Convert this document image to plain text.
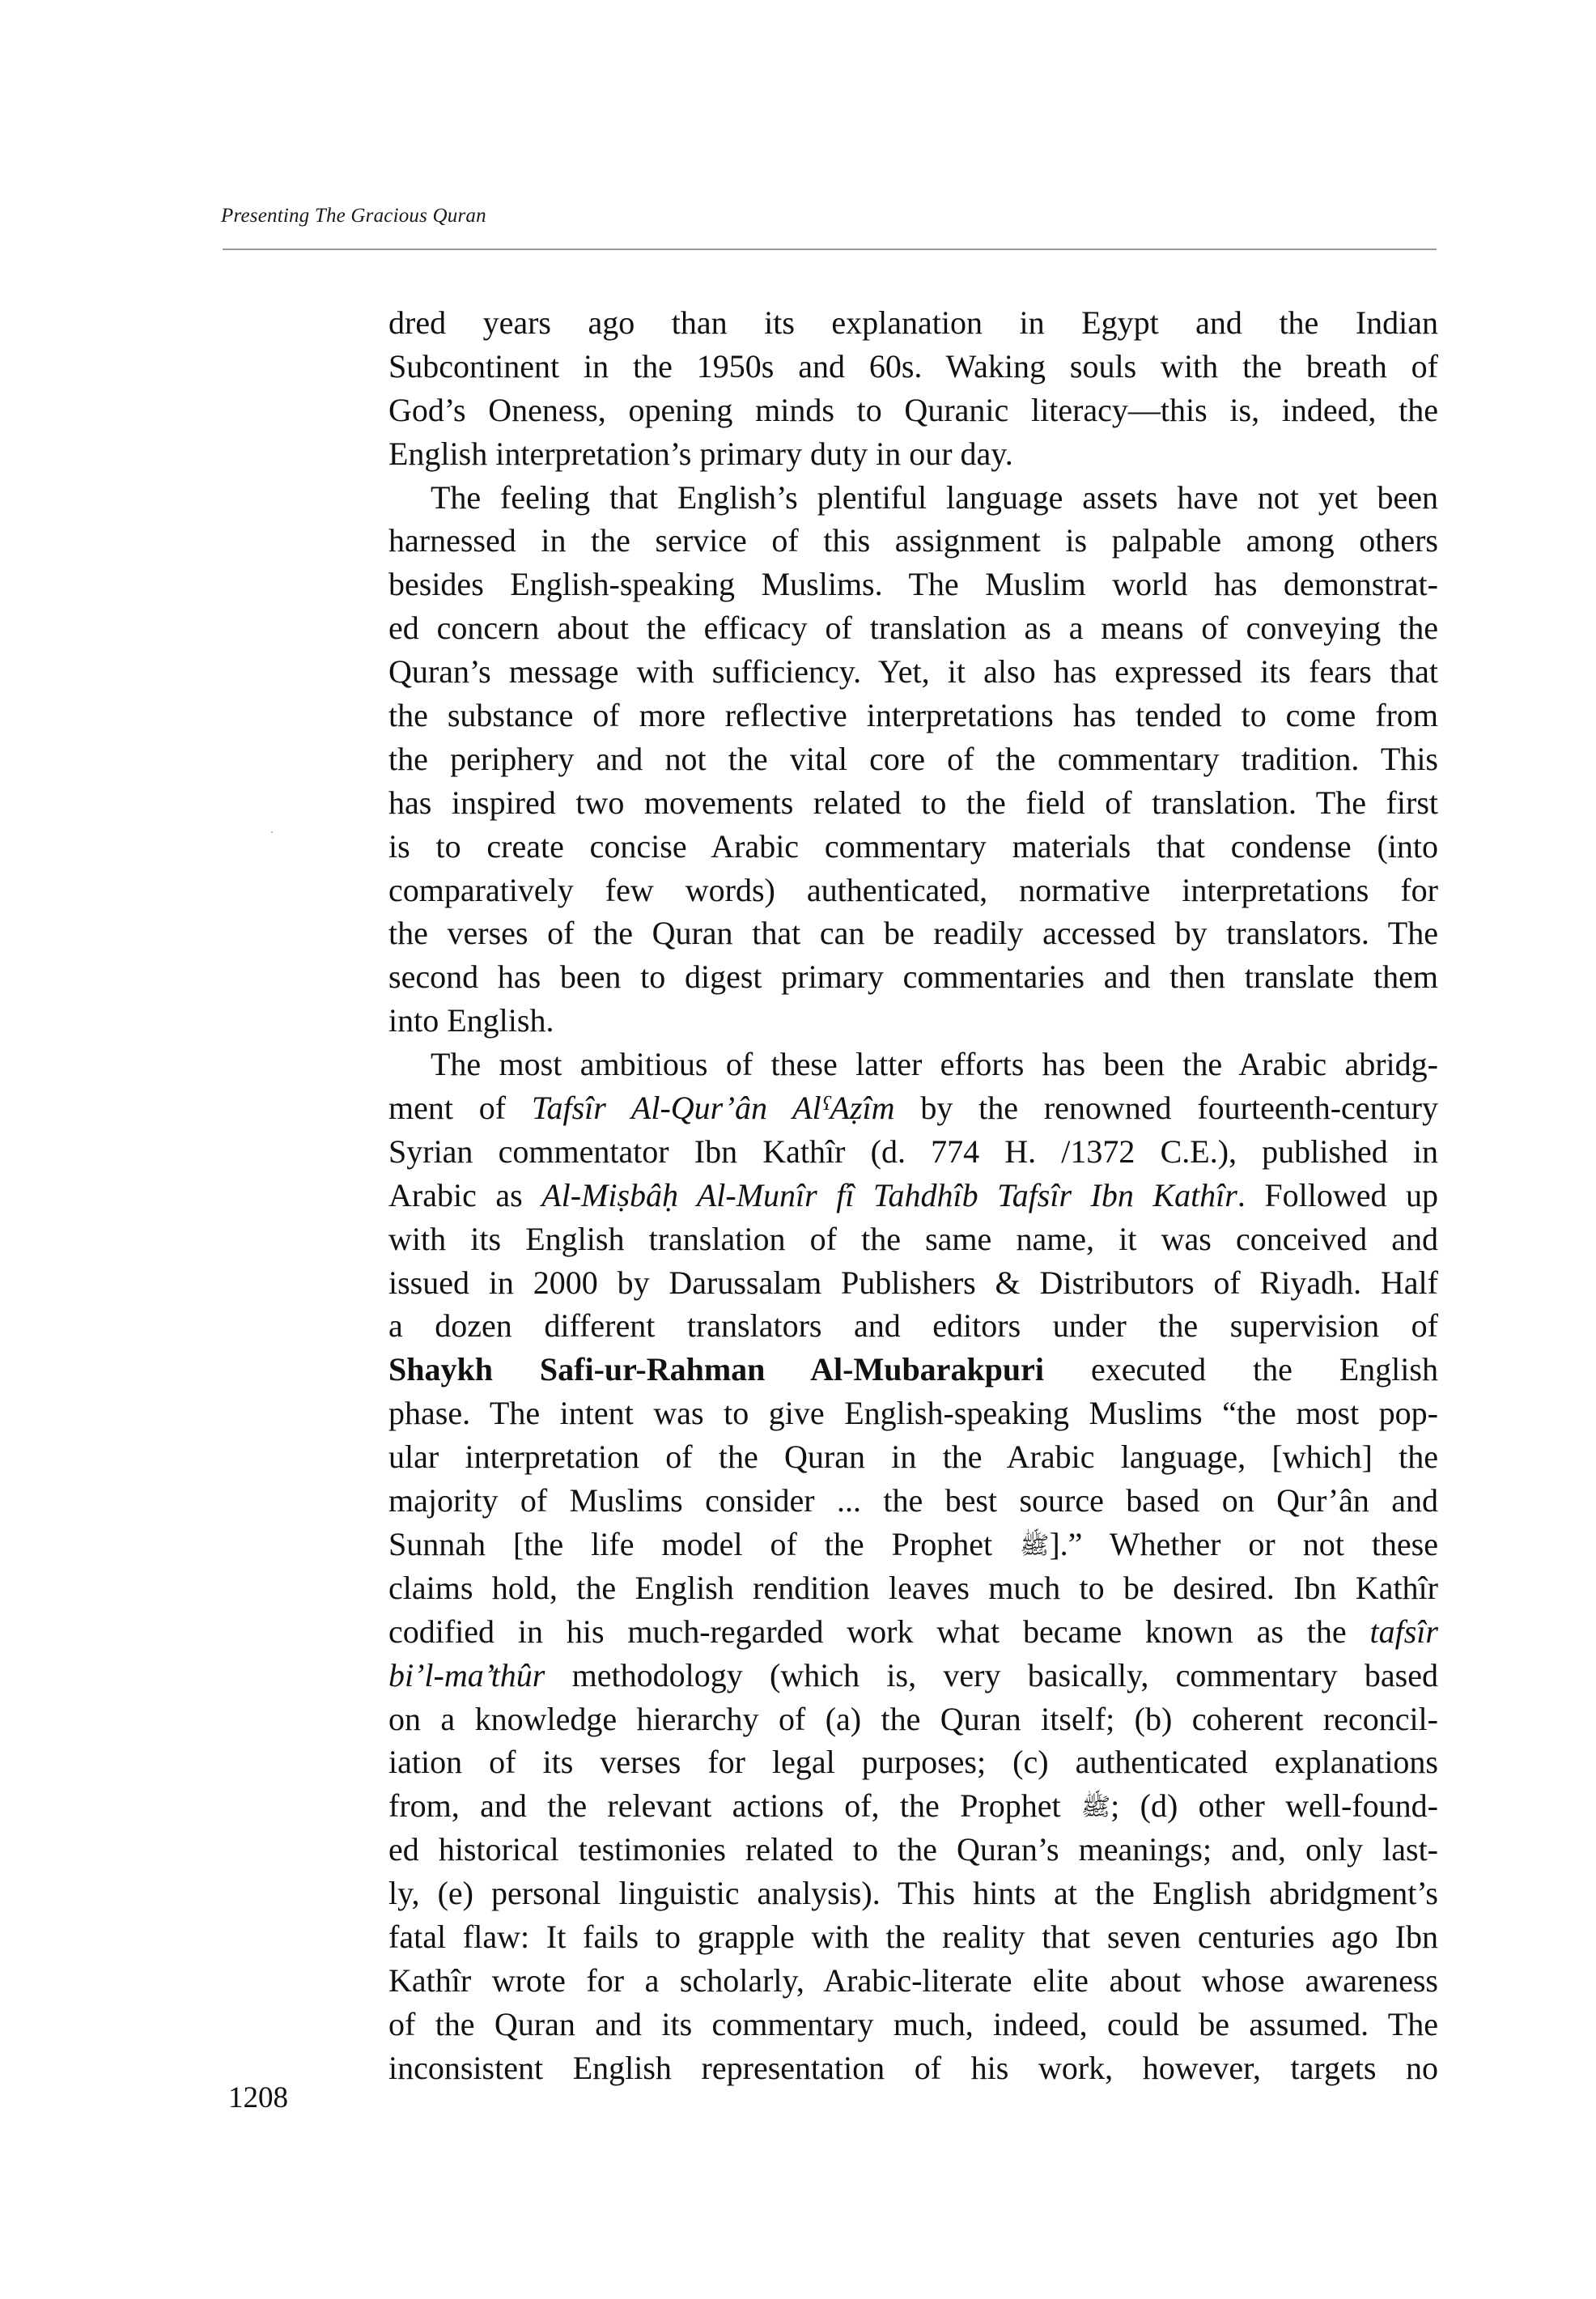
Presenting The Gracious Quran
dred years ago than its explanation in Egypt and the Indian
Subcontinent in the 1950s and 60s. Waking souls with the breath of
God’s Oneness, opening minds to Quranic literacy—this is, indeed, the
English interpretation’s primary duty in our day.
The feeling that English’s plentiful language assets have not yet been
harnessed in the service of this assignment is palpable among others
besides English-speaking Muslims. The Muslim world has demonstrat-
ed concern about the efficacy of translation as a means of conveying the
Quran’s message with sufficiency. Yet, it also has expressed its fears that
the substance of more reflective interpretations has tended to come from
the periphery and not the vital core of the commentary tradition. This
has inspired two movements related to the field of translation. The first
is to create concise Arabic commentary materials that condense (into
comparatively few words) authenticated, normative interpretations for
the verses of the Quran that can be readily accessed by translators. The
second has been to digest primary commentaries and then translate them
into English.
The most ambitious of these latter efforts has been the Arabic abridg-
ment of Tafsîr Al-Qur’ân AlˤAẓîm by the renowned fourteenth-century
Syrian commentator Ibn Kathîr (d. 774 H. /1372 C.E.), published in
Arabic as Al-Miṣbâḥ Al-Munîr fî Tahdhîb Tafsîr Ibn Kathîr. Followed up
with its English translation of the same name, it was conceived and
issued in 2000 by Darussalam Publishers & Distributors of Riyadh. Half
a dozen different translators and editors under the supervision of
Shaykh Safi-ur-Rahman Al-Mubarakpuri executed the English
phase. The intent was to give English-speaking Muslims “the most pop-
ular interpretation of the Quran in the Arabic language, [which] the
majority of Muslims consider ... the best source based on Qur’ân and
Sunnah [the life model of the Prophet ﷺ].” Whether or not these
claims hold, the English rendition leaves much to be desired. Ibn Kathîr
codified in his much-regarded work what became known as the tafsîr
bi’l-ma’thûr methodology (which is, very basically, commentary based
on a knowledge hierarchy of (a) the Quran itself; (b) coherent reconcil-
iation of its verses for legal purposes; (c) authenticated explanations
from, and the relevant actions of, the Prophet ﷺ; (d) other well-found-
ed historical testimonies related to the Quran’s meanings; and, only last-
ly, (e) personal linguistic analysis). This hints at the English abridgment’s
fatal flaw: It fails to grapple with the reality that seven centuries ago Ibn
Kathîr wrote for a scholarly, Arabic-literate elite about whose awareness
of the Quran and its commentary much, indeed, could be assumed. The
inconsistent English representation of his work, however, targets no
1208
